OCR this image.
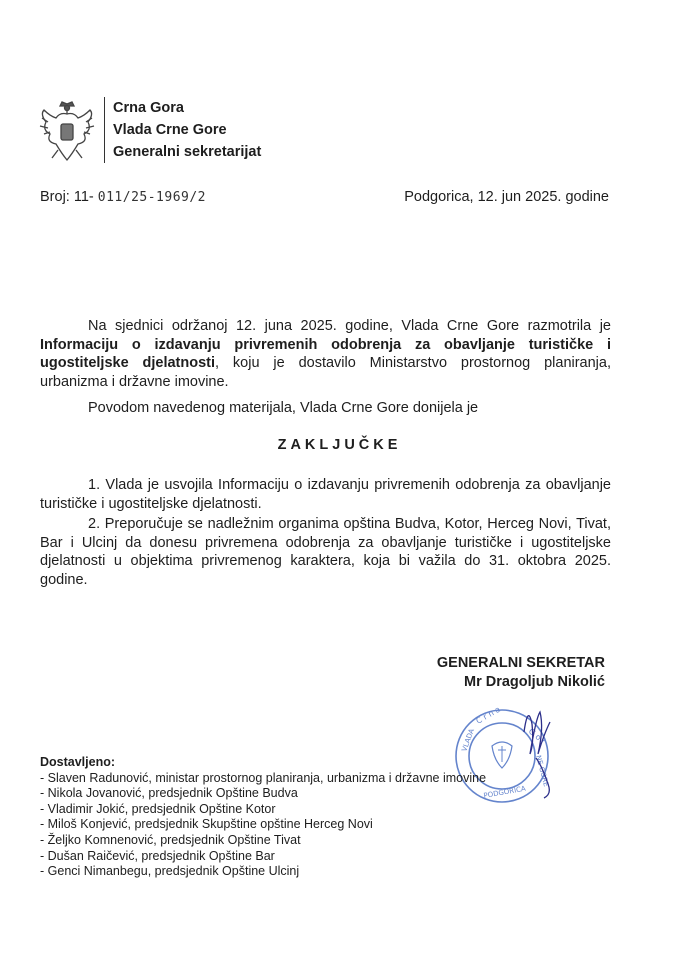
Crna Gora
Vlada Crne Gore
Generalni sekretarijat
Broj: 11- 011/25-1969/2	Podgorica, 12. jun 2025. godine
Na sjednici održanoj 12. juna 2025. godine, Vlada Crne Gore razmotrila je Informaciju o izdavanju privremenih odobrenja za obavljanje turističke i ugostiteljske djelatnosti, koju je dostavilo Ministarstvo prostornog planiranja, urbanizma i državne imovine.
Povodom navedenog materijala, Vlada Crne Gore donijela je
ZAKLJUČKE
1. Vlada je usvojila Informaciju o izdavanju privremenih odobrenja za obavljanje turističke i ugostiteljske djelatnosti.
2. Preporučuje se nadležnim organima opština Budva, Kotor, Herceg Novi, Tivat, Bar i Ulcinj da donesu privremena odobrenja za obavljanje turističke i ugostiteljske djelatnosti u objektima privremenog karaktera, koja bi važila do 31. oktobra 2025. godine.
GENERALNI SEKRETAR
Mr Dragoljub Nikolić
C r n a
VLADA	G o r
NE GORE
PODGORICA
Dostavljeno:
- Slaven Radunović, ministar prostornog planiranja, urbanizma i državne imovine
- Nikola Jovanović, predsjednik Opštine Budva
- Vladimir Jokić, predsjednik Opštine Kotor
- Miloš Konjević, predsjednik Skupštine opštine Herceg Novi
- Željko Komnenović, predsjednik Opštine Tivat
- Dušan Raičević, predsjednik Opštine Bar
- Genci Nimanbegu, predsjednik Opštine Ulcinj
